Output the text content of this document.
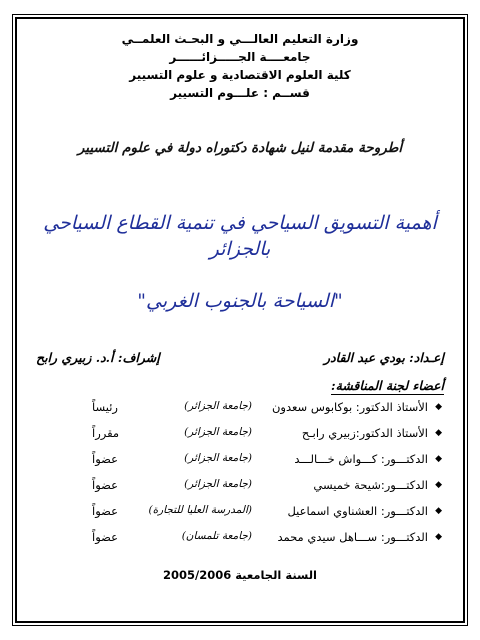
وزارة التعليم العالـــي و البحـث العلمــي
جامعــــة الجـــــزائــــــر
كلية العلوم الاقتصادية و علوم التسيير
قســم : علـــوم التسيير
أطروحة مقدمة لنيل شهادة دكتوراه دولة في علوم التسيير
أهمية التسويق السياحي في تنمية القطاع السياحي بالجزائر
"السياحة بالجنوب الغربي"
إعـداد: بودي عبد القادر
إشراف: أ.د. زبيري رابح
أعضاء لجنة المناقشة:
◆
الأستاذ الدكتور: بوكابوس سعدون
(جامعة الجزائر)
رئيساً
◆
الأستاذ الدكتور:زبيري رابـح
(جامعة الجزائر)
مقرراً
◆
الدكتـــور: كـــواش خـــالـــد
(جامعة الجزائر)
عضواً
◆
الدكتـــور:شيحة خميسي
(جامعة الجزائر)
عضواً
◆
الدكتـــور: العشناوي اسماعيل
(المدرسة العليا للتجارة)
عضواً
◆
الدكتـــور: ســـاهل سيدي محمد
(جامعة تلمسان)
عضواً
السنة الجامعية 2005/2006
